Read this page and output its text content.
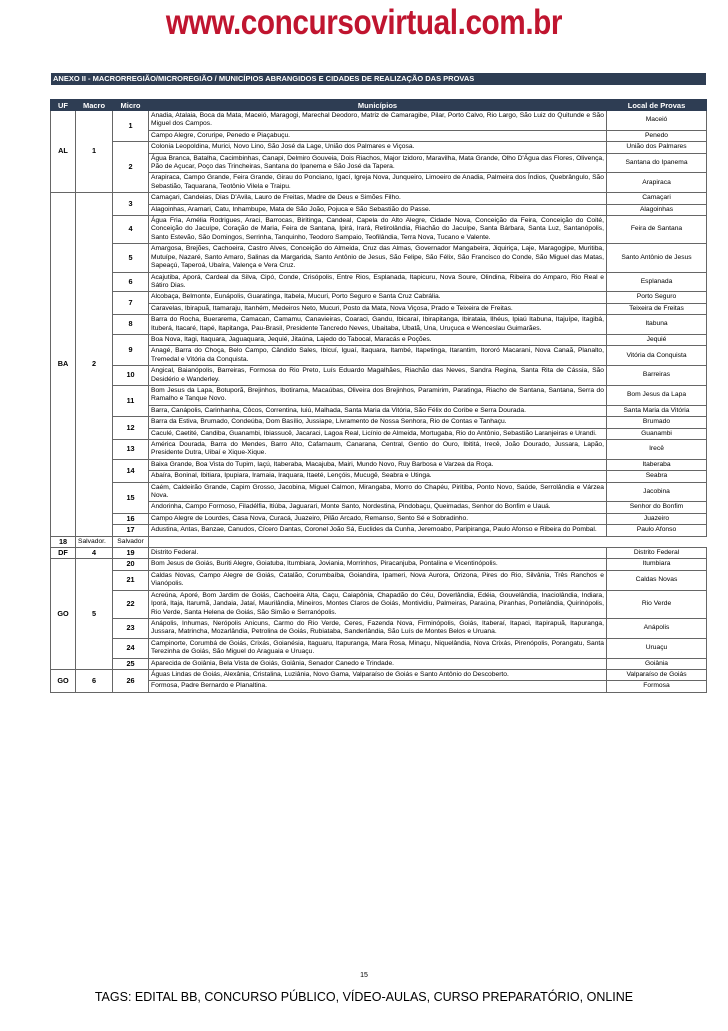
www.concursovirtual.com.br
ANEXO II - MACRORREGIÃO/MICROREGIÃO / MUNICÍPIOS ABRANGIDOS E CIDADES DE REALIZAÇÃO DAS PROVAS
UF	Macro	Micro	Municípios	Local de Provas
AL	1	1	Anadia, Atalaia, Boca da Mata, Maceió, Maragogi, Marechal Deodoro, Matriz de Camaragibe, Pilar, Porto Calvo, Rio Largo, São Luiz do Quitunde e São Miguel dos Campos.	Maceió
			Campo Alegre, Coruripe, Penedo e Piaçabuçu.	Penedo
		2	Colonia Leopoldina, Murici, Novo Lino, São José da Lage, União dos Palmares e Viçosa.	União dos Palmares
			Água Branca, Batalha, Cacimbinhas, Canapi, Delmiro Gouveia, Dois Riachos, Major Izidoro, Maravilha, Mata Grande, Olho D'Água das Flores, Olivença, Pão de Açucar, Poço das Trincheiras, Santana do Ipanema e São José da Tapera.	Santana do Ipanema
			Arapiraca, Campo Grande, Feira Grande, Girau do Ponciano, Igací, Igreja Nova, Junqueiro, Limoeiro de Anadia, Palmeira dos Índios, Quebrângulo, São Sebastião, Taquarana, Teotônio Vilela e Traipu.	Arapiraca
BA	2	3	Camaçari, Candeias, Dias D'Avila, Lauro de Freitas, Madre de Deus e Simões Filho.	Camaçari
			Alagoinhas, Aramari, Catu, Inhambupe, Mata de São João, Pojuca e São Sebastião do Passe.	Alagoinhas
		4	Água Fria, Amélia Rodrigues, Araci, Barrocas, Biritinga, Candeal, Capela do Alto Alegre, Cidade Nova, Conceição da Feira, Conceição do Coité, Conceição do Jacuípe, Coração de Maria, Feira de Santana, Ipirá, Irará, Retirolândia, Riachão do Jacuípe, Santa Bárbara, Santa Luz, Santanópolis, Santo Estevão, São Domingos, Serrinha, Tanquinho, Teodoro Sampaio, Teofilândia, Terra Nova, Tucano e Valente.	Feira de Santana
		5	Amargosa, Brejões, Cachoeira, Castro Alves, Conceição do Almeida, Cruz das Almas, Governador Mangabeira, Jiquiriça, Laje, Maragogipe, Muritiba, Mutuípe, Nazaré, Santo Amaro, Salinas da Margarida, Santo Antônio de Jesus, São Felipe, São Félix, São Francisco do Conde, São Miguel das Matas, Sapeaçú, Taperoá, Ubaíra, Valença e Vera Cruz.	Santo Antônio de Jesus
		6	Acajutiba, Aporá, Cardeal da Silva, Cipó, Conde, Crisópolis, Entre Rios, Esplanada, Itapicuru, Nova Soure, Olindina, Ribeira do Amparo, Rio Real e Sátiro Dias.	Esplanada
		7	Alcobaça, Belmonte, Eunápolis, Guaratinga, Itabela, Mucuri, Porto Seguro e Santa Cruz Cabrália.	Porto Seguro
			Caravelas, Ibirapuã, Itamaraju, Itanhém, Medeiros Neto, Mucuri, Posto da Mata, Nova Viçosa, Prado e Teixeira de Freitas.	Teixeira de Freitas
		8	Barra do Rocha, Buerarema, Camacan, Camamu, Canavieiras, Coaraci, Gandu, Ibicaraí, Ibirapitanga, Ibirataia, Ilhéus, Ipiaú Itabuna, Itajuípe, Itagibá, Ituberá, Itacaré, Itapé, Itapitanga, Pau-Brasil, Presidente Tancredo Neves, Ubaitaba, Ubatã, Una, Uruçuca e Wenceslau Guimarães.	Itabuna
		9	Boa Nova, Itagi, Itaquara, Jaguaquara, Jequié, Jitaúna, Lajedo do Tabocal, Maracás e Poções.	Jequié
			Anagé, Barra do Choça, Belo Campo, Cândido Sales, Ibicuí, Iguaí, Itaquara, Itambé, Itapetinga, Itarantim, Itororó Macarani, Nova Canaã, Planalto, Tremedal e Vitória da Conquista.	Vitória da Conquista
		10	Angical, Baianópolis, Barreiras, Formosa do Rio Preto, Luís Eduardo Magalhães, Riachão das Neves, Sandra Regina, Santa Rita de Cássia, São Desidério e Wanderley.	Barreiras
		11	Bom Jesus da Lapa, Botuporã, Brejinhos, Ibotirama, Macaúbas, Oliveira dos Brejinhos, Paramirim, Paratinga, Riacho de Santana, Santana, Serra do Ramalho e Tanque Novo.	Bom Jesus da Lapa
			Barra, Canápolis, Carinhanha, Côcos, Correntina, Iuiú, Malhada, Santa Maria da Vitória, São Félix do Coribe e Serra Dourada.	Santa Maria da Vitória
		12	Barra da Estiva, Brumado, Condeúba, Dom Basílio, Jussiape, Livramento de Nossa Senhora, Rio de Contas e Tanhaçu.	Brumado
			Caculé, Caetité, Candiba, Guanambi, Ibiassucê, Jacaraci, Lagoa Real, Licínio de Almeida, Mortugaba, Rio do Antônio, Sebastião Laranjeiras e Urandi.	Guanambi
		13	América Dourada, Barra do Mendes, Barro Alto, Cafarnaum, Canarana, Central, Gentio do Ouro, Ibititá, Irecê, João Dourado, Jussara, Lapão, Presidente Dutra, Uibaí e Xique-Xique.	Irecê
		14	Baixa Grande, Boa Vista do Tupim, Iaçú, Itaberaba, Macajuba, Mairi, Mundo Novo, Ruy Barbosa e Varzea da Roça.	Itaberaba
			Abaíra, Boninal, Ibitiara, Ipupiara, Iramaia, Iraquara, Itaeté, Lençóis, Mucugê, Seabra e Utinga.	Seabra
		15	Caém, Caldeirão Grande, Capim Grosso, Jacobina, Miguel Calmon, Mirangaba, Morro do Chapéu, Piritiba, Ponto Novo, Saúde, Serrolândia e Várzea Nova.	Jacobina
			Andorinha, Campo Formoso, Filadélfia, Itiúba, Jaguarari, Monte Santo, Nordestina, Pindobaçu, Queimadas, Senhor do Bonfim e Uauá.	Senhor do Bonfim
		16	Campo Alegre de Lourdes, Casa Nova, Curacá, Juazeiro, Pilão Arcado, Remanso, Sento Sé e Sobradinho.	Juazeiro
		17	Adustina, Antas, Banzae, Canudos, Cícero Dantas, Coronel João Sá, Euclides da Cunha, Jeremoabo, Paripiranga, Paulo Afonso e Ribeira do Pombal.	Paulo Afonso
18	Salvador.	Salvador		
DF	4	19	Distrito Federal.	Distrito Federal
GO	5	20	Bom Jesus de Goiás, Buriti Alegre, Goiatuba, Itumbiara, Joviania, Morrinhos, Piracanjuba, Pontalina e Vicentinópolis.	Itumbiara
		21	Caldas Novas, Campo Alegre de Goiás, Catalão, Corumbaíba, Goiandira, Ipameri, Nova Aurora, Orizona, Pires do Rio, Silvânia, Três Ranchos e Vianópolis.	Caldas Novas
		22	Acreúna, Aporé, Bom Jardim de Goiás, Cachoeira Alta, Caçu, Caiapônia, Chapadão do Céu, Doverlândia, Edéia, Gouvelândia, Inaciolândia, Indiara, Iporá, Itaja, Itarumã, Jandaia, Jataí, Maurilândia, Mineiros, Montes Claros de Goiás, Montividiu, Palmeiras, Paraúna, Piranhas, Portelândia, Quirinópolis, Rio Verde, Santa Helena de Goiás, São Simão e Serranópolis.	Rio Verde
		23	Anápolis, Inhumas, Nerópolis Anicuns, Carmo do Rio Verde, Ceres, Fazenda Nova, Firminópolis, Goiás, Itaberaí, Itapaci, Itapirapuã, Itapuranga, Jussara, Matrincha, Mozarlândia, Petrolina de Goiás, Rubiataba, Sanderlândia, São Luís de Montes Belos e Uruana.	Anápolis
		24	Campinorte, Corumbá de Goiás, Crixás, Goianésia, Itaguaru, Itapuranga, Mara Rosa, Minaçu, Niquelândia, Nova Crixás, Pirenópolis, Porangatu, Santa Terezinha de Goiás, São Miguel do Araguaia e Uruaçu.	Uruaçu
		25	Aparecida de Goiânia, Bela Vista de Goiás, Goiânia, Senador Canedo e Trindade.	Goiânia
GO	6	26	Águas Lindas de Goiás, Alexânia, Cristalina, Luziânia, Novo Gama, Valparaíso de Goiás e Santo Antônio do Descoberto.	Valparaíso de Goiás
			Formosa, Padre Bernardo e Planaltina.	Formosa
15
TAGS: EDITAL BB, CONCURSO PÚBLICO, VÍDEO-AULAS, CURSO PREPARATÓRIO, ONLINE
